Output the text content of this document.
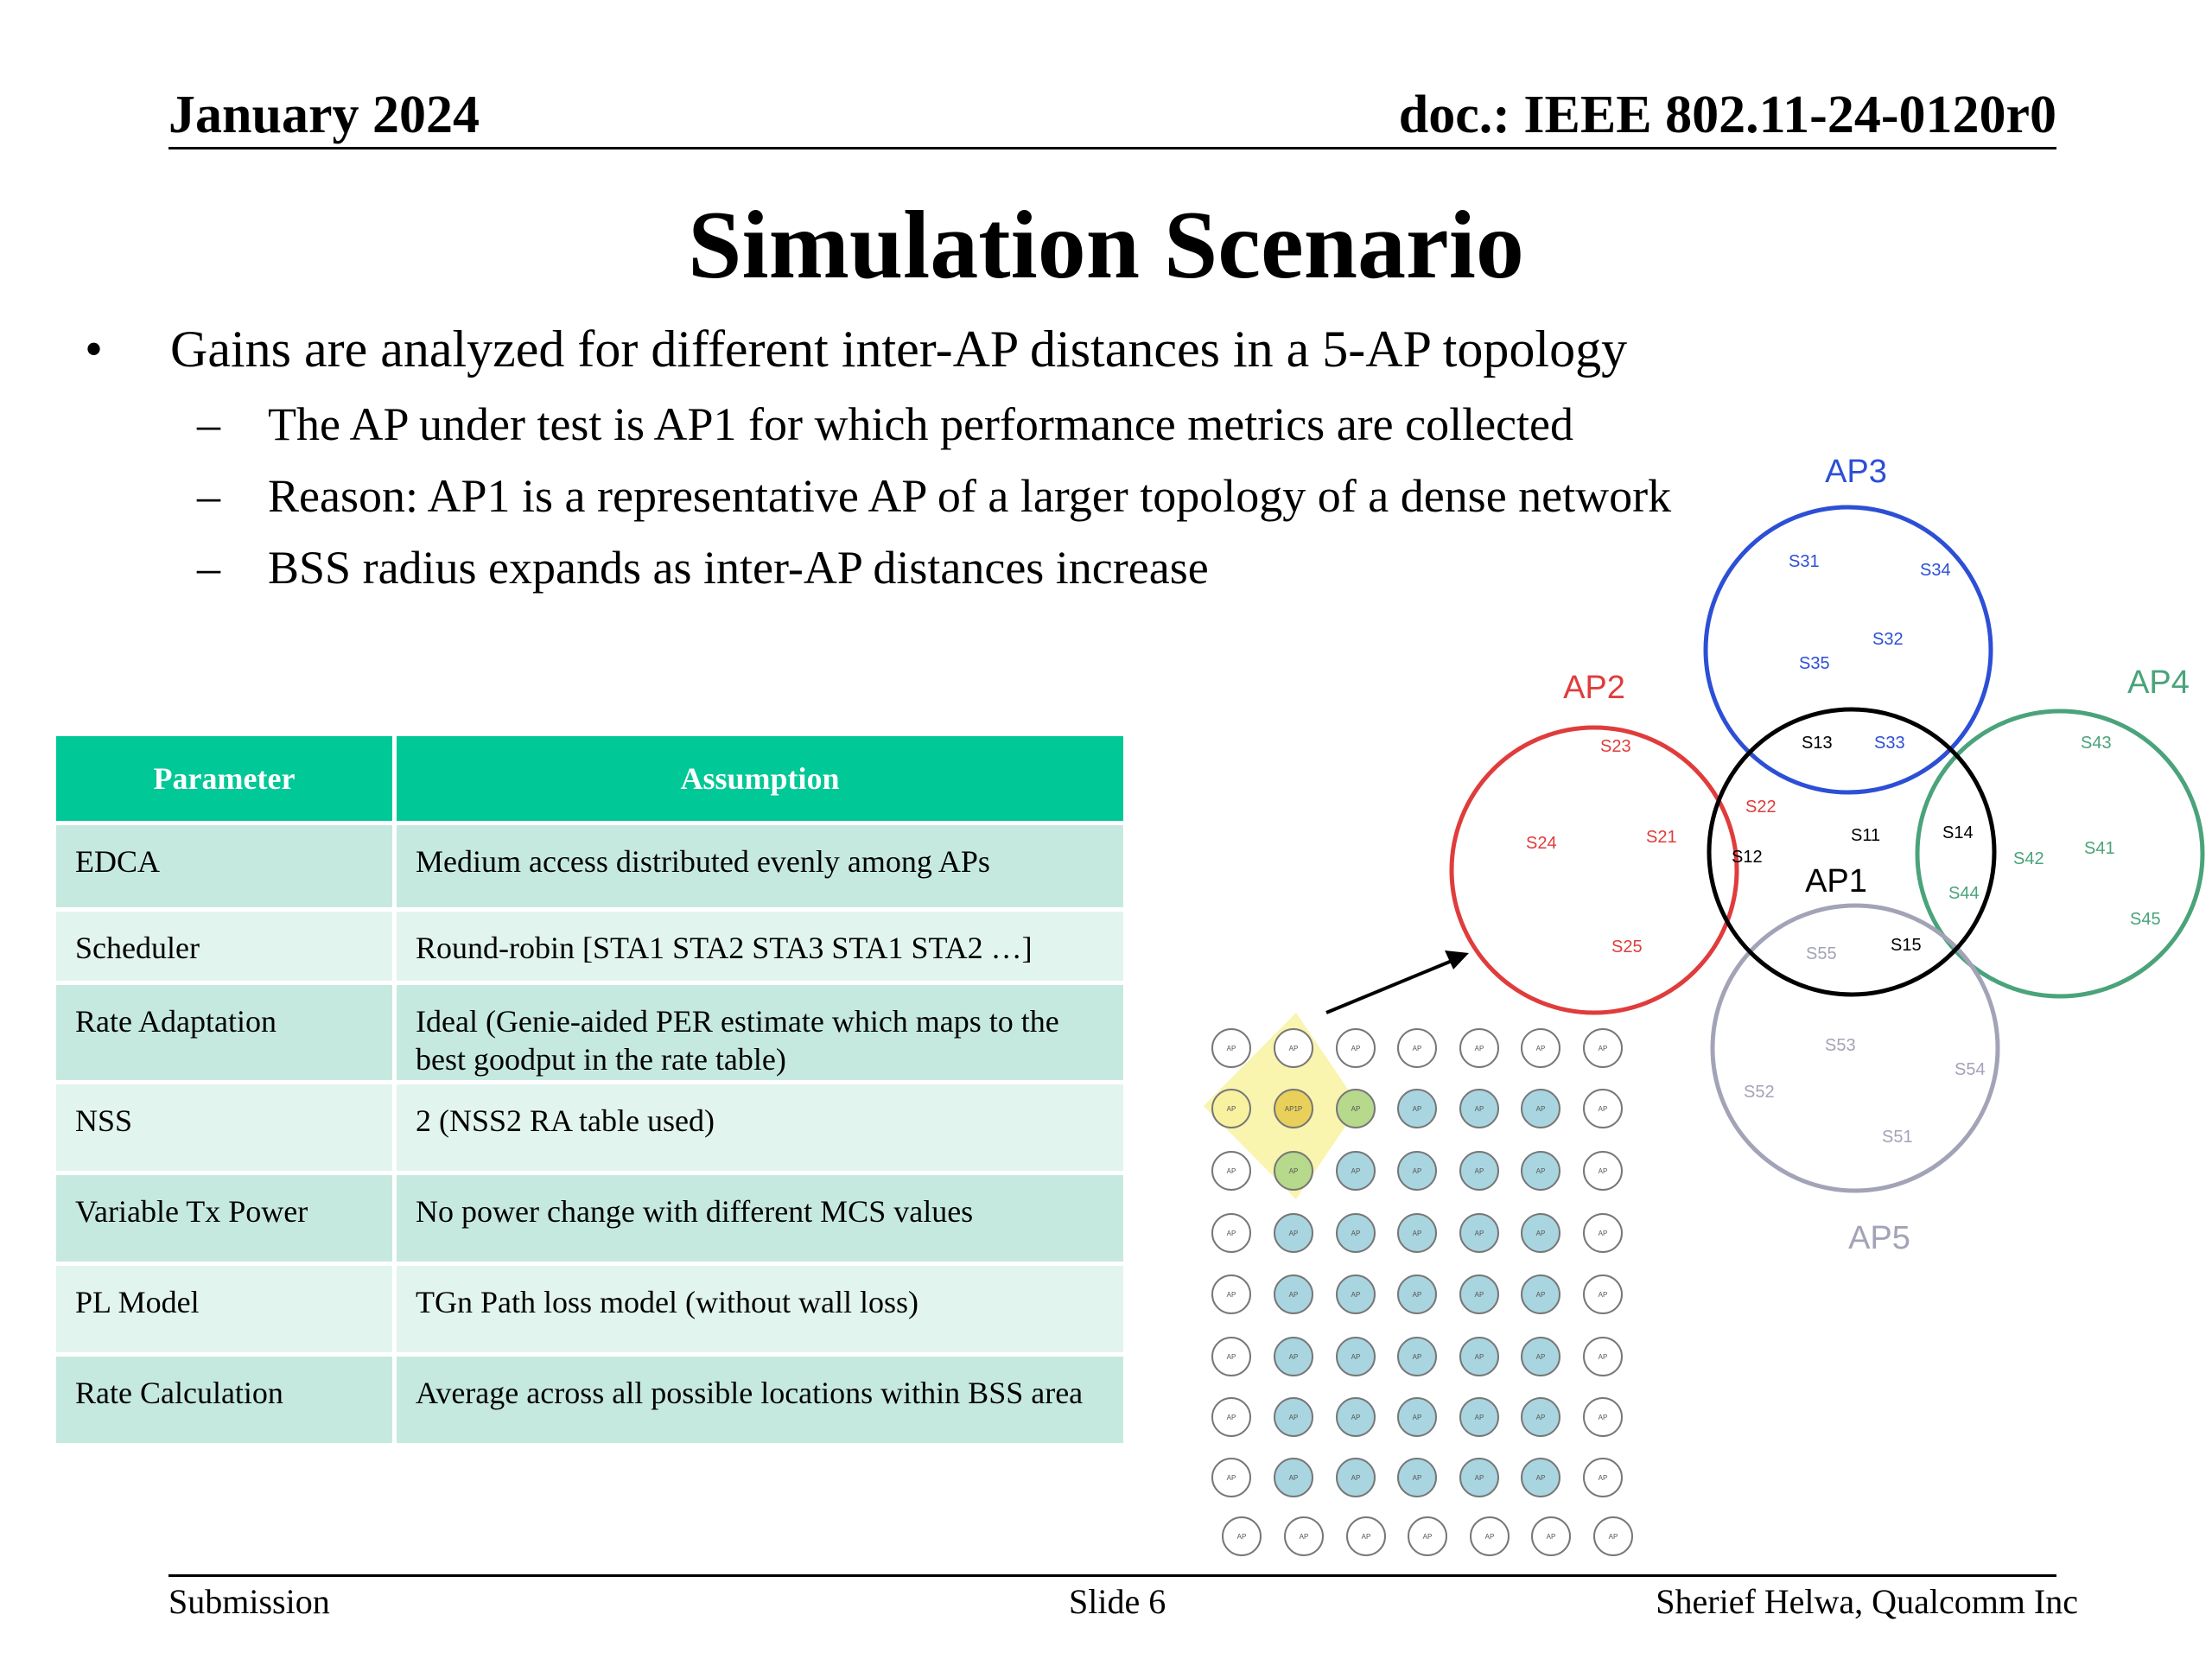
January 2024	doc.: IEEE 802.11-24-0120r0
Simulation Scenario
• Gains are analyzed for different inter-AP distances in a 5-AP topology
– The AP under test is AP1 for which performance metrics are collected
– Reason: AP1 is a representative AP of a larger topology of a dense network
– BSS radius expands as inter-AP distances increase
Parameter	Assumption
EDCA	Medium access distributed evenly among APs
Scheduler	Round-robin [STA1 STA2 STA3 STA1 STA2 …]
Rate Adaptation	Ideal (Genie-aided PER estimate which maps to the best goodput in the rate table)
NSS	2 (NSS2 RA table used)
Variable Tx Power	No power change with different MCS values
PL Model	TGn Path loss model (without wall loss)
Rate Calculation	Average across all possible locations within BSS area
AP3
AP2	AP4
AP1
AP5
S31
S32
S33
S34
S35
S21
S22
S23
S24
S25
S11
S12
S13
S14
S15
S41
S42
S43
S44
S45
S51
S52
S53
S54
S55
AP	AP	AP	AP	AP	AP	AP
AP	AP1P	AP	AP	AP	AP	AP
AP	AP	AP	AP	AP	AP	AP
AP	AP	AP	AP	AP	AP	AP
AP	AP	AP	AP	AP	AP	AP
AP	AP	AP	AP	AP	AP	AP
AP	AP	AP	AP	AP	AP	AP
AP	AP	AP	AP	AP	AP	AP
AP	AP	AP	AP	AP	AP	AP
Submission	Slide 6	Sherief Helwa, Qualcomm Inc
